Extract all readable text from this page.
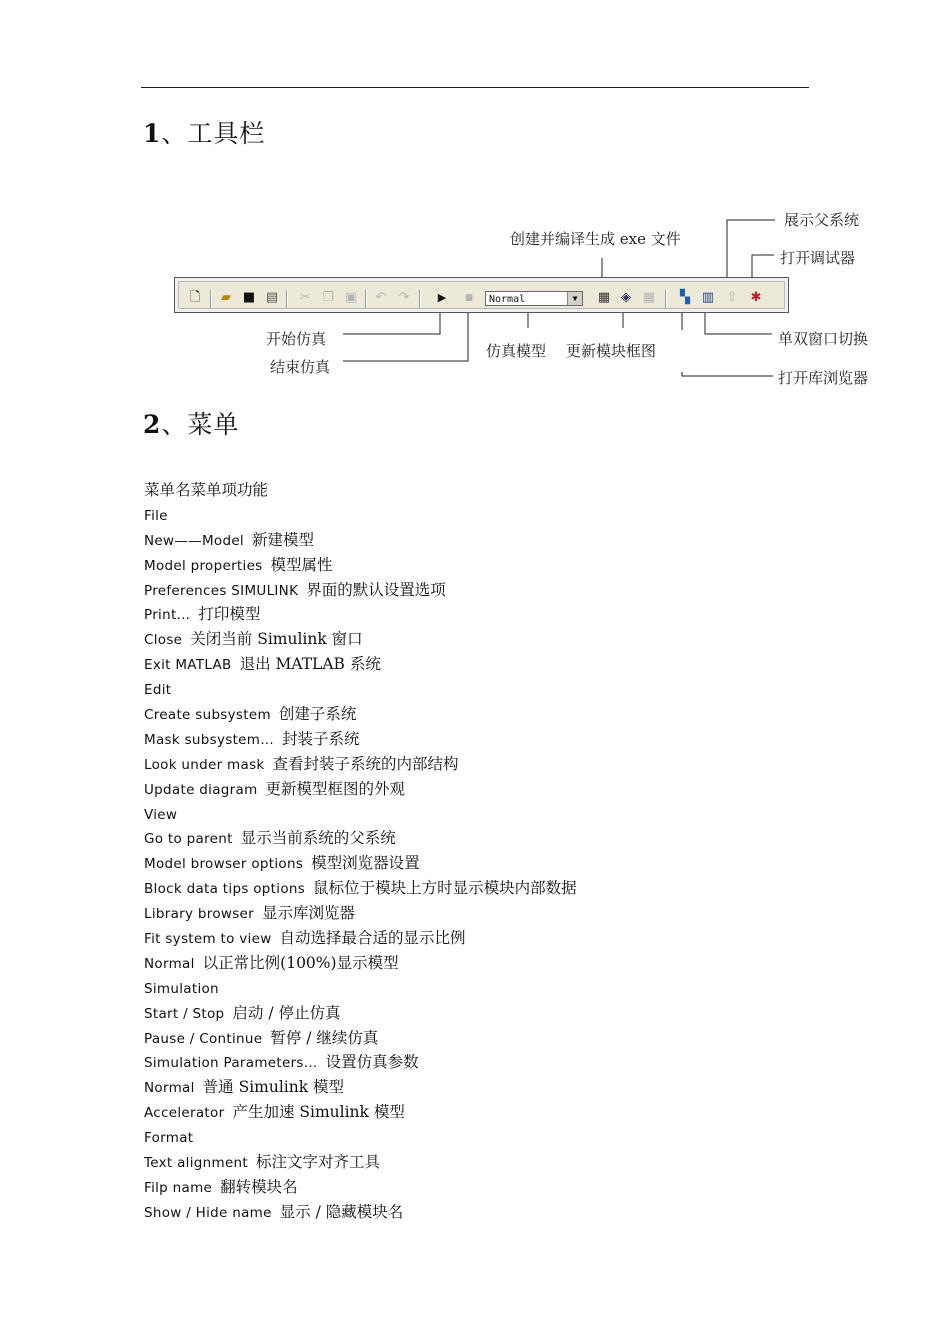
1、工具栏
创建并编译生成 exe 文件
展示父系统
打开调试器
开始仿真
结束仿真
仿真模型 更新模块框图
单双窗口切换
打开库浏览器
🗋 ▰ ■ ▤ ✂ ❐ ▣ ↶ ↷	▶	■	Normal	▼	▦ ◈ ▦ ▚ ▥ ⇧ ✱
2、菜单
菜单名菜单项功能
File
New——Model 新建模型
Model properties 模型属性
Preferences SIMULINK 界面的默认设置选项
Print… 打印模型
Close 关闭当前 Simulink 窗口
Exit MATLAB 退出 MATLAB 系统
Edit
Create subsystem 创建子系统
Mask subsystem… 封装子系统
Look under mask 查看封装子系统的内部结构
Update diagram 更新模型框图的外观
View
Go to parent 显示当前系统的父系统
Model browser options 模型浏览器设置
Block data tips options 鼠标位于模块上方时显示模块内部数据
Library browser 显示库浏览器
Fit system to view 自动选择最合适的显示比例
Normal 以正常比例(100%)显示模型
Simulation
Start / Stop 启动 / 停止仿真
Pause / Continue 暂停 / 继续仿真
Simulation Parameters… 设置仿真参数
Normal 普通 Simulink 模型
Accelerator 产生加速 Simulink 模型
Format
Text alignment 标注文字对齐工具
Filp name 翻转模块名
Show / Hide name 显示 / 隐藏模块名
